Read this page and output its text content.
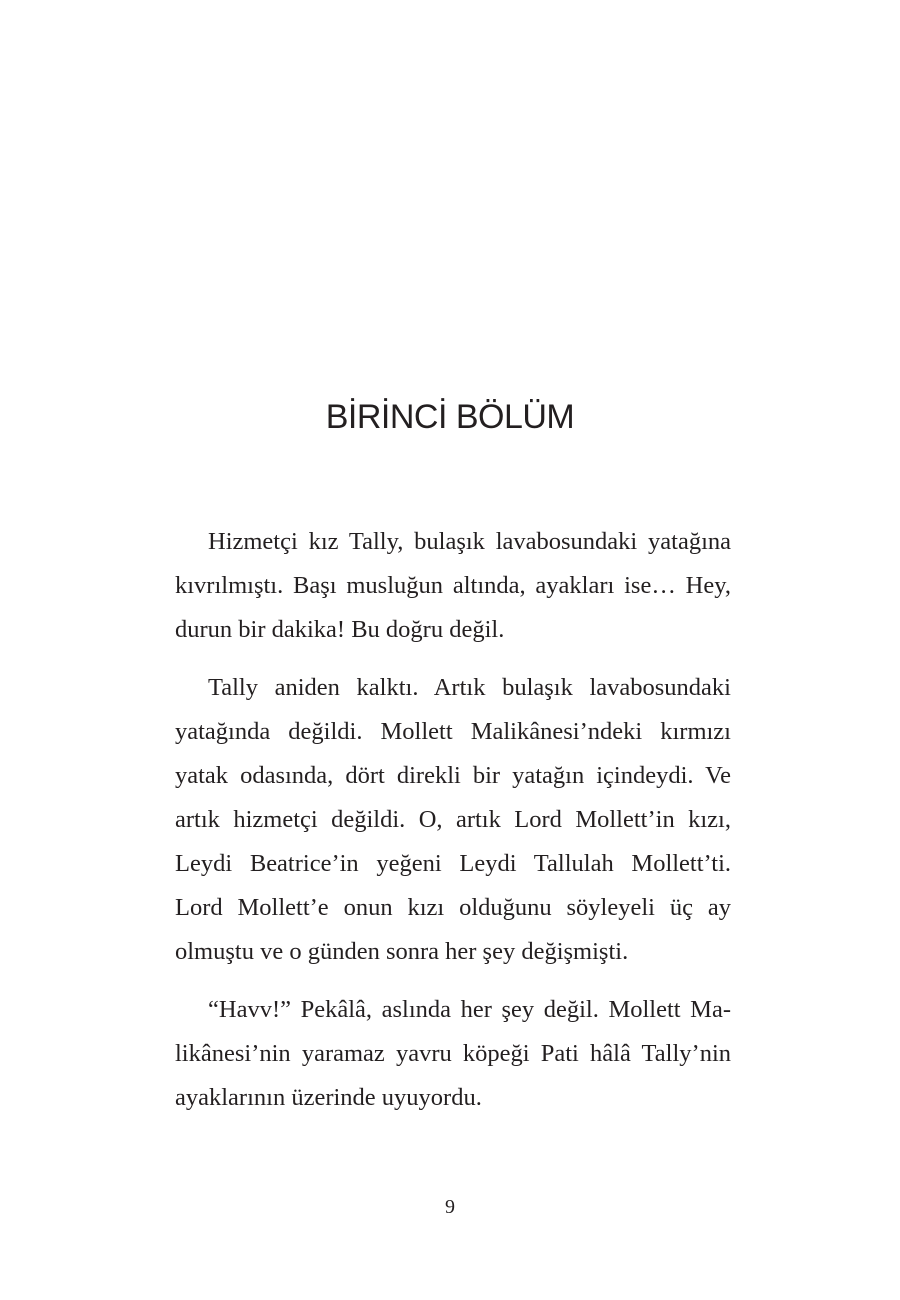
BİRİNCİ BÖLÜM

Hizmetçi kız Tally, bulaşık lavabosundaki yatağına
kıvrılmıştı. Başı musluğun altında, ayakları ise… Hey,
durun bir dakika! Bu doğru değil.

Tally aniden kalktı. Artık bulaşık lavabosundaki
yatağında değildi. Mollett Malikânesi’ndeki kırmızı
yatak odasında, dört direkli bir yatağın içindeydi. Ve
artık hizmetçi değildi. O, artık Lord Mollett’in kızı,
Leydi Beatrice’in yeğeni Leydi Tallulah Mollett’ti.
Lord Mollett’e onun kızı olduğunu söyleyeli üç ay
olmuştu ve o günden sonra her şey değişmişti.

“Havv!” Pekâlâ, aslında her şey değil. Mollett Ma-
likânesi’nin yaramaz yavru köpeği Pati hâlâ Tally’nin
ayaklarının üzerinde uyuyordu.

9
